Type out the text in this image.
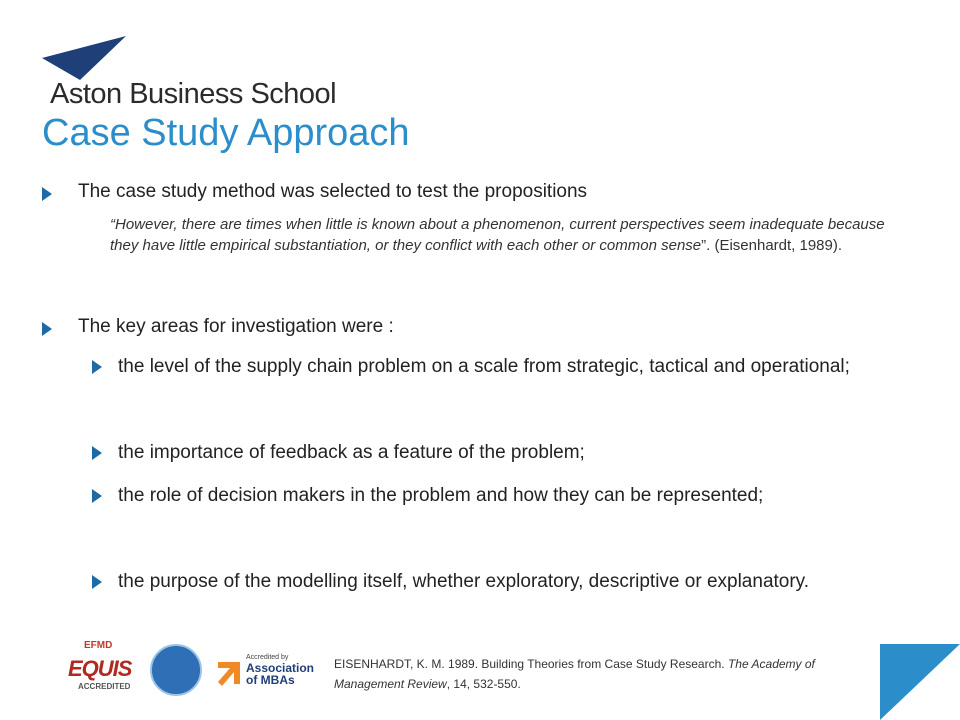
Aston Business School
Case Study Approach
The case study method was selected to test the propositions
“However, there are times when little is known about a phenomenon, current perspectives seem inadequate because they have little empirical substantiation, or they conflict with each other or common sense”. (Eisenhardt, 1989).
The key areas for investigation were :
the level of the supply chain problem on a scale from strategic, tactical and operational;
the importance of feedback as a feature of the problem;
the role of decision makers in the problem and how they can be represented;
the purpose of the modelling itself, whether exploratory, descriptive or explanatory.
EFMD
EQUIS
ACCREDITED
Accredited by
Association
of MBAs
EISENHARDT, K. M. 1989. Building Theories from Case Study Research. The Academy of Management Review, 14, 532-550.
